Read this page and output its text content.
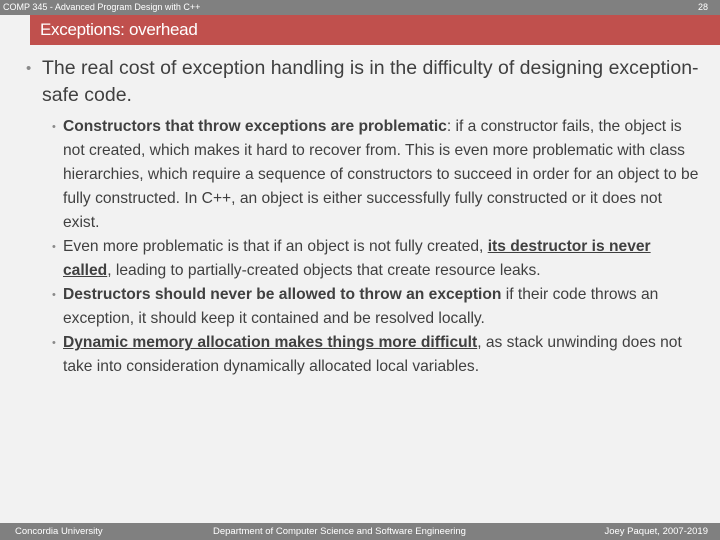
COMP 345 - Advanced Program Design with C++	28
Exceptions: overhead
• The real cost of exception handling is in the difficulty of designing exception-safe code.
• Constructors that throw exceptions are problematic: if a constructor fails, the object is not created, which makes it hard to recover from. This is even more problematic with class hierarchies, which require a sequence of constructors to succeed in order for an object to be fully constructed. In C++, an object is either successfully fully constructed or it does not exist.
• Even more problematic is that if an object is not fully created, its destructor is never called, leading to partially-created objects that create resource leaks.
• Destructors should never be allowed to throw an exception if their code throws an exception, it should keep it contained and be resolved locally.
• Dynamic memory allocation makes things more difficult, as stack unwinding does not take into consideration dynamically allocated local variables.
Concordia University	Department of Computer Science and Software Engineering	Joey Paquet, 2007-2019
